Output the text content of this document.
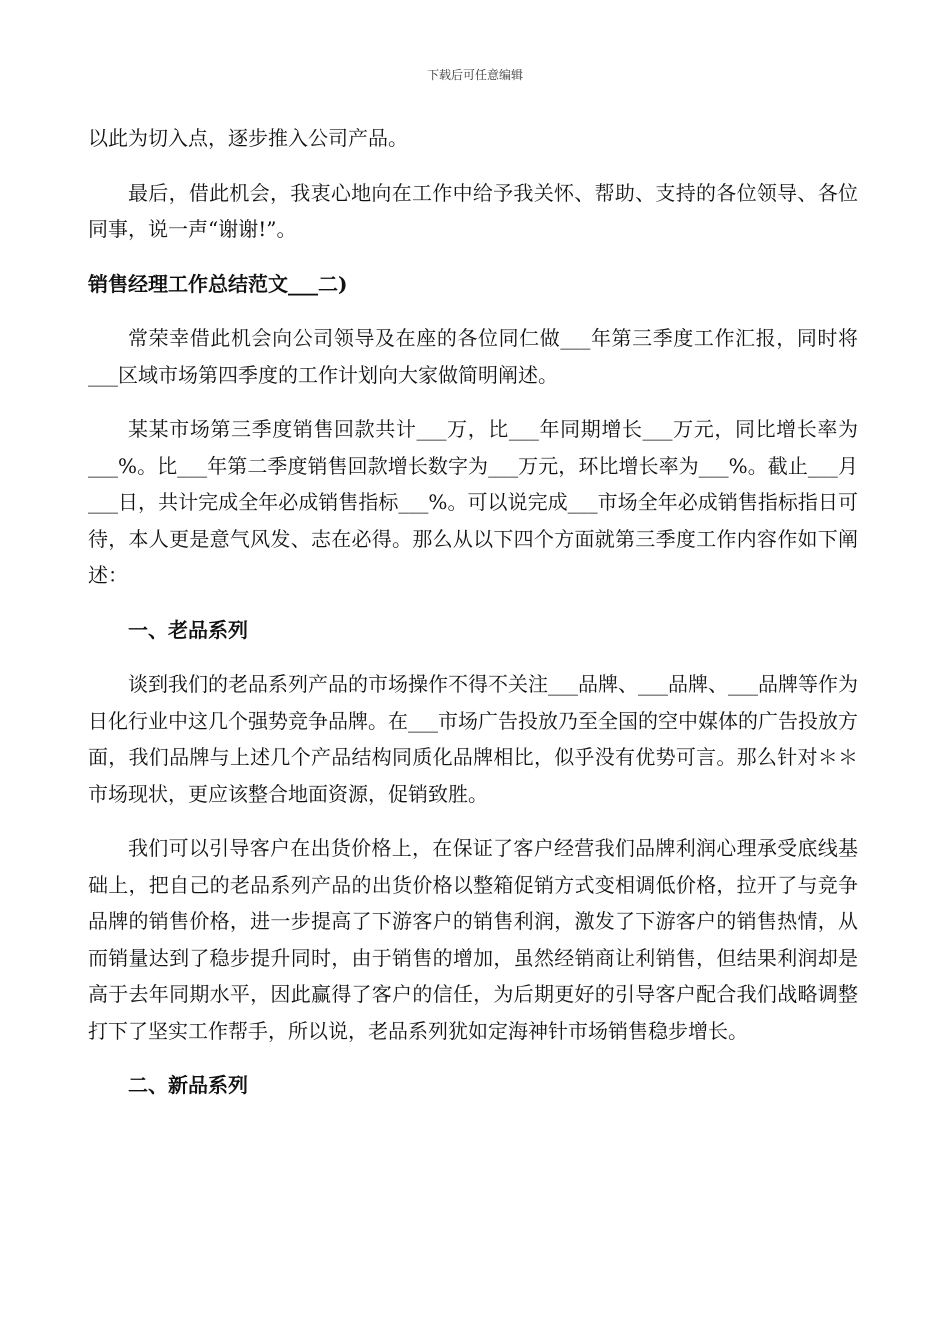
下载后可任意编辑

以此为切入点，逐步推入公司产品。

最后，借此机会，我衷心地向在工作中给予我关怀、帮助、支持的各位领导、各位同事，说一声“谢谢!”。

销售经理工作总结范文___二)

常荣幸借此机会向公司领导及在座的各位同仁做___年第三季度工作汇报，同时将___区域市场第四季度的工作计划向大家做简明阐述。

某某市场第三季度销售回款共计___万，比___年同期增长___万元，同比增长率为___%。比___年第二季度销售回款增长数字为___万元，环比增长率为___%。截止___月___日，共计完成全年必成销售指标___%。可以说完成___市场全年必成销售指标指日可待，本人更是意气风发、志在必得。那么从以下四个方面就第三季度工作内容作如下阐述：

一、老品系列

谈到我们的老品系列产品的市场操作不得不关注___品牌、___品牌、___品牌等作为日化行业中这几个强势竞争品牌。在___市场广告投放乃至全国的空中媒体的广告投放方面，我们品牌与上述几个产品结构同质化品牌相比，似乎没有优势可言。那么针对＊＊市场现状，更应该整合地面资源，促销致胜。

我们可以引导客户在出货价格上，在保证了客户经营我们品牌利润心理承受底线基础上，把自己的老品系列产品的出货价格以整箱促销方式变相调低价格，拉开了与竞争品牌的销售价格，进一步提高了下游客户的销售利润，激发了下游客户的销售热情，从而销量达到了稳步提升同时，由于销售的增加，虽然经销商让利销售，但结果利润却是高于去年同期水平，因此赢得了客户的信任，为后期更好的引导客户配合我们战略调整打下了坚实工作帮手，所以说，老品系列犹如定海神针市场销售稳步增长。

二、新品系列
